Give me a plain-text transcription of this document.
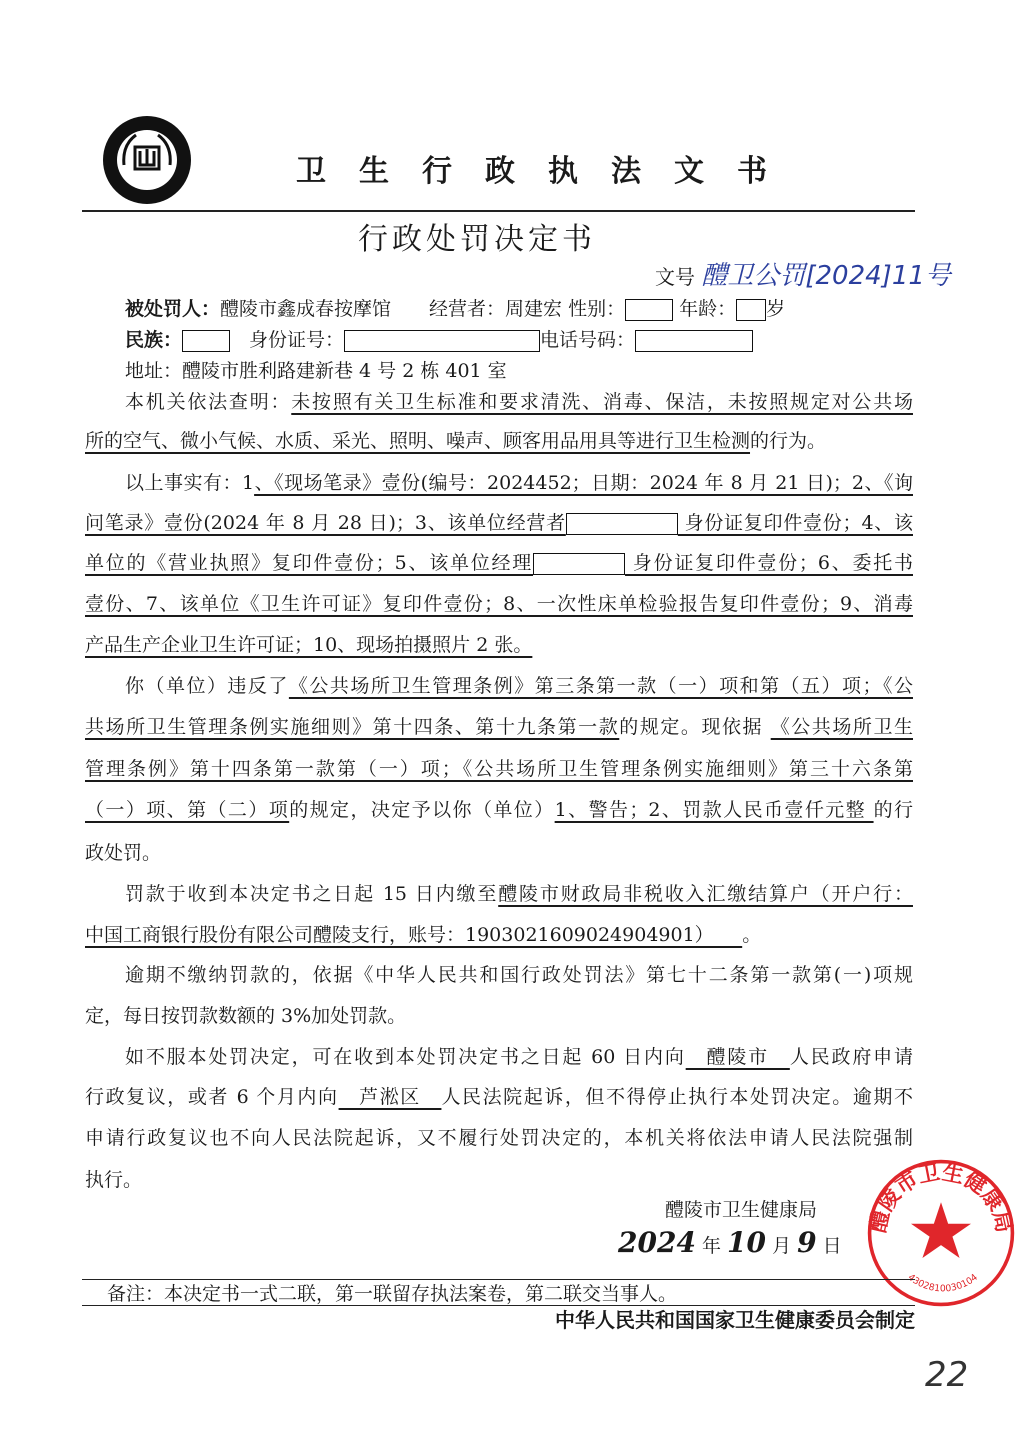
卫生行政执法文书
行政处罚决定书
文号 醴卫公罚[2024]11号
被处罚人：醴陵市鑫成春按摩馆　　经营者：周建宏 性别：	年龄： 岁
民族：	　身份证号：	电话号码：
地址：醴陵市胜利路建新巷 4 号 2 栋 401 室
本机关依法查明：未按照有关卫生标准和要求清洗、消毒、保洁，未按照规定对公共场
所的空气、微小气候、水质、采光、照明、噪声、顾客用品用具等进行卫生检测的行为。
以上事实有：1、《现场笔录》壹份(编号：2024452；日期：2024 年 8 月 21 日)；2、《询
问笔录》壹份(2024 年 8 月 28 日)；3、该单位经营者	身份证复印件壹份；4、该
单位的《营业执照》复印件壹份；5、该单位经理	身份证复印件壹份；6、委托书
壹份、7、该单位《卫生许可证》复印件壹份；8、一次性床单检验报告复印件壹份；9、消毒
产品生产企业卫生许可证；10、现场拍摄照片 2 张。
你（单位）违反了《公共场所卫生管理条例》第三条第一款（一）项和第（五）项；《公
共场所卫生管理条例实施细则》第十四条、第十九条第一款的规定。现依据 《公共场所卫生
管理条例》第十四条第一款第（一）项；《公共场所卫生管理条例实施细则》第三十六条第
（一）项、第（二）项的规定，决定予以你（单位）1、警告；2、罚款人民币壹仟元整 的行
政处罚。
罚款于收到本决定书之日起 15 日内缴至醴陵市财政局非税收入汇缴结算户（开户行：
中国工商银行股份有限公司醴陵支行，账号：1903021609024904901）　　。
逾期不缴纳罚款的，依据《中华人民共和国行政处罚法》第七十二条第一款第(一)项规
定，每日按罚款数额的 3%加处罚款。
如不服本处罚决定，可在收到本处罚决定书之日起 60 日内向　醴陵市　人民政府申请
行政复议，或者 6 个月内向　芦淞区　人民法院起诉，但不得停止执行本处罚决定。逾期不
申请行政复议也不向人民法院起诉，又不履行处罚决定的，本机关将依法申请人民法院强制
执行。
醴陵市卫生健康局
2024 年 10 月 9 日
醴陵市卫生健康局
4302810030104
备注：本决定书一式二联，第一联留存执法案卷，第二联交当事人。
中华人民共和国国家卫生健康委员会制定
22
